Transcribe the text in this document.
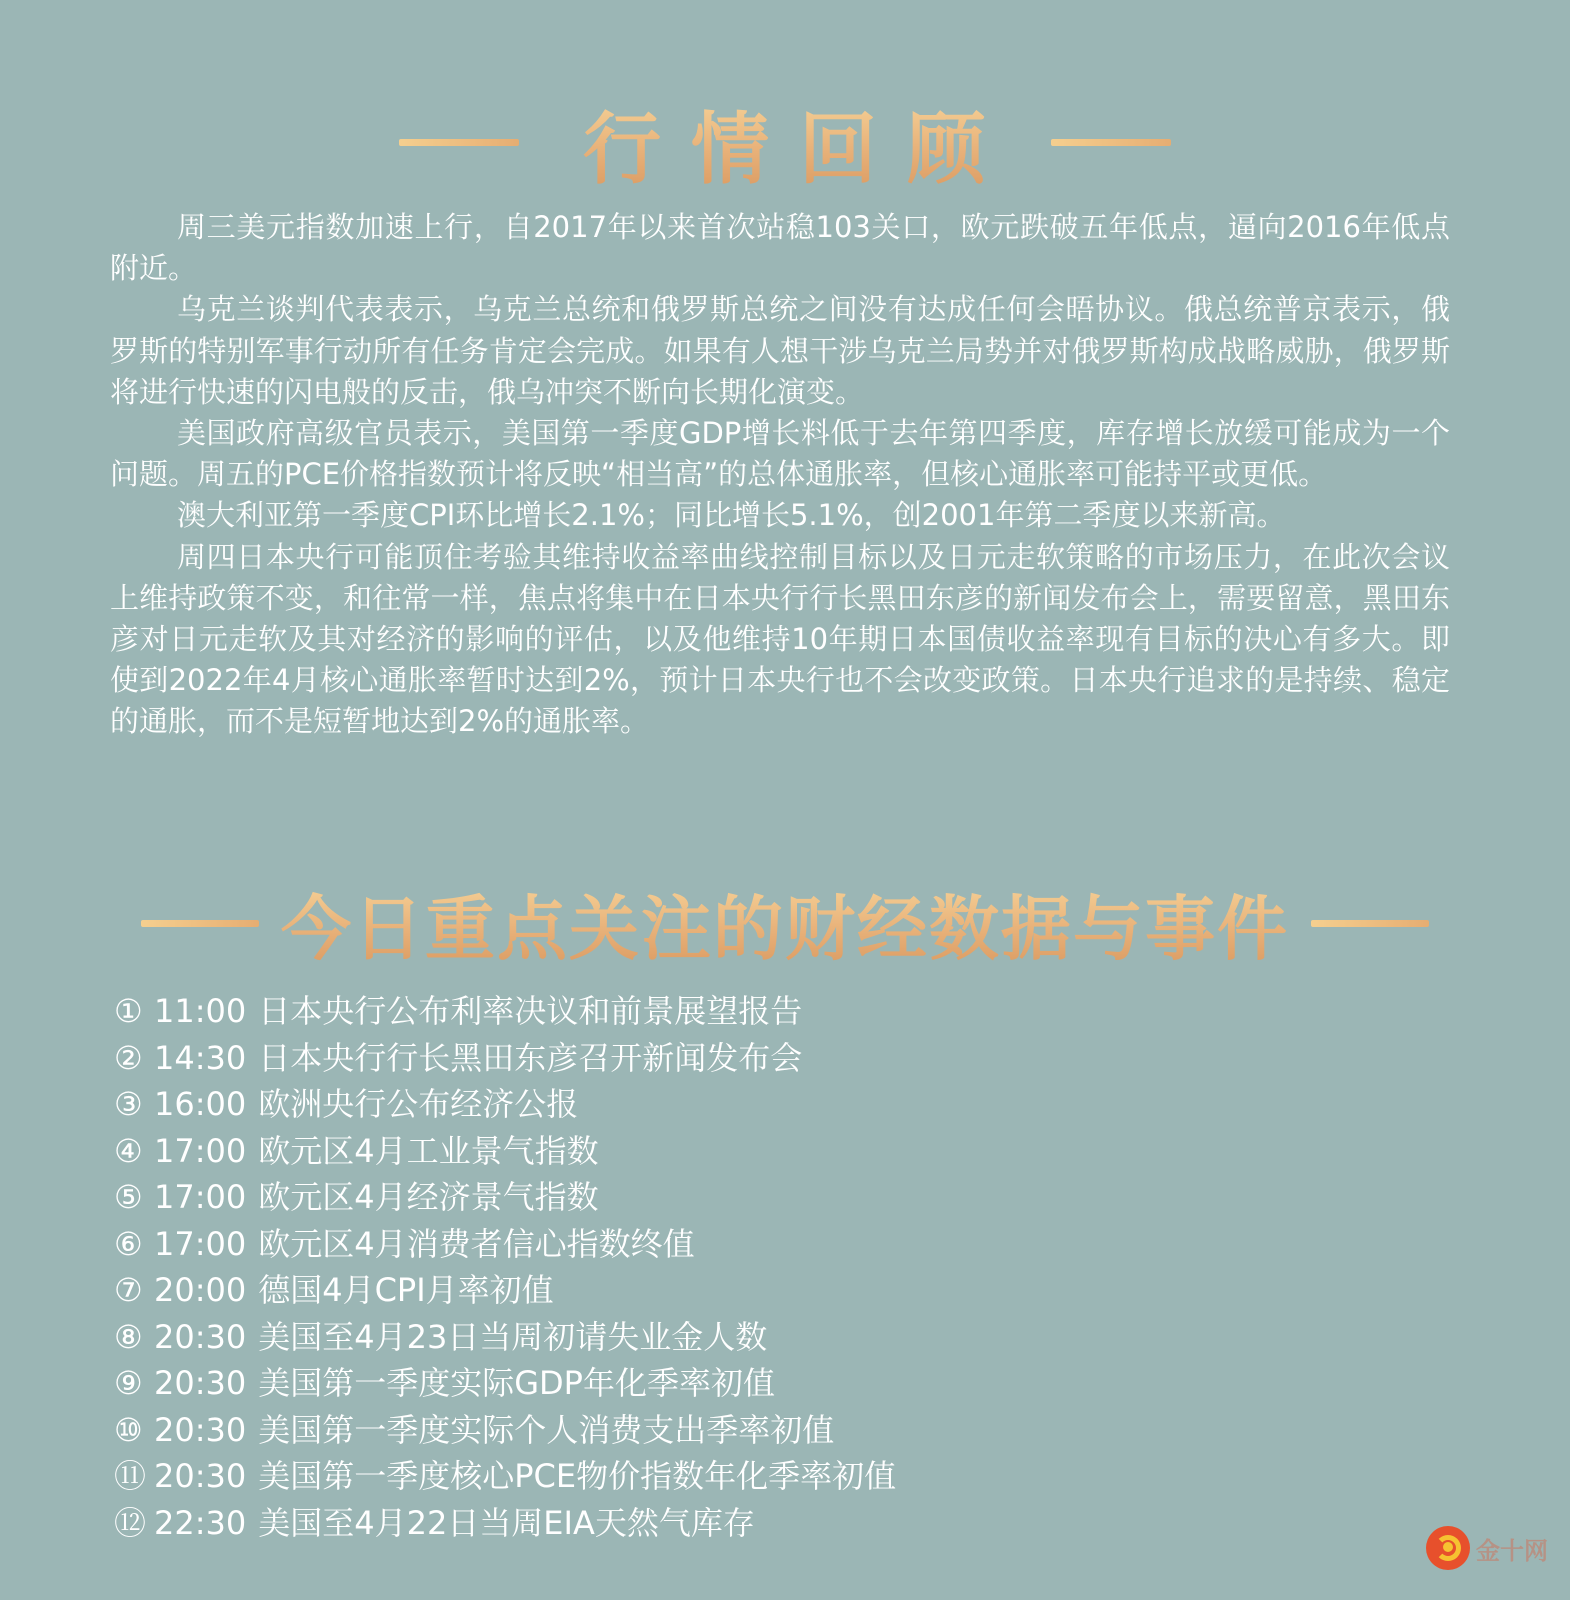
行情回顾

周三美元指数加速上行，自2017年以来首次站稳103关口，欧元跌破五年低点，逼向2016年低点附近。

乌克兰谈判代表表示，乌克兰总统和俄罗斯总统之间没有达成任何会晤协议。俄总统普京表示，俄罗斯的特别军事行动所有任务肯定会完成。如果有人想干涉乌克兰局势并对俄罗斯构成战略威胁，俄罗斯将进行快速的闪电般的反击，俄乌冲突不断向长期化演变。

美国政府高级官员表示，美国第一季度GDP增长料低于去年第四季度，库存增长放缓可能成为一个问题。周五的PCE价格指数预计将反映“相当高”的总体通胀率，但核心通胀率可能持平或更低。

澳大利亚第一季度CPI环比增长2.1%；同比增长5.1%，创2001年第二季度以来新高。

周四日本央行可能顶住考验其维持收益率曲线控制目标以及日元走软策略的市场压力，在此次会议上维持政策不变，和往常一样，焦点将集中在日本央行行长黑田东彦的新闻发布会上，需要留意，黑田东彦对日元走软及其对经济的影响的评估，以及他维持10年期日本国债收益率现有目标的决心有多大。即使到2022年4月核心通胀率暂时达到2%，预计日本央行也不会改变政策。日本央行追求的是持续、稳定的通胀，而不是短暂地达到2%的通胀率。

今日重点关注的财经数据与事件
① 11:00 日本央行公布利率决议和前景展望报告
② 14:30 日本央行行长黑田东彦召开新闻发布会
③ 16:00 欧洲央行公布经济公报
④ 17:00 欧元区4月工业景气指数
⑤ 17:00 欧元区4月经济景气指数
⑥ 17:00 欧元区4月消费者信心指数终值
⑦ 20:00 德国4月CPI月率初值
⑧ 20:30 美国至4月23日当周初请失业金人数
⑨ 20:30 美国第一季度实际GDP年化季率初值
⑩ 20:30 美国第一季度实际个人消费支出季率初值
⑪ 20:30 美国第一季度核心PCE物价指数年化季率初值
⑫ 22:30 美国至4月22日当周EIA天然气库存
金十网
